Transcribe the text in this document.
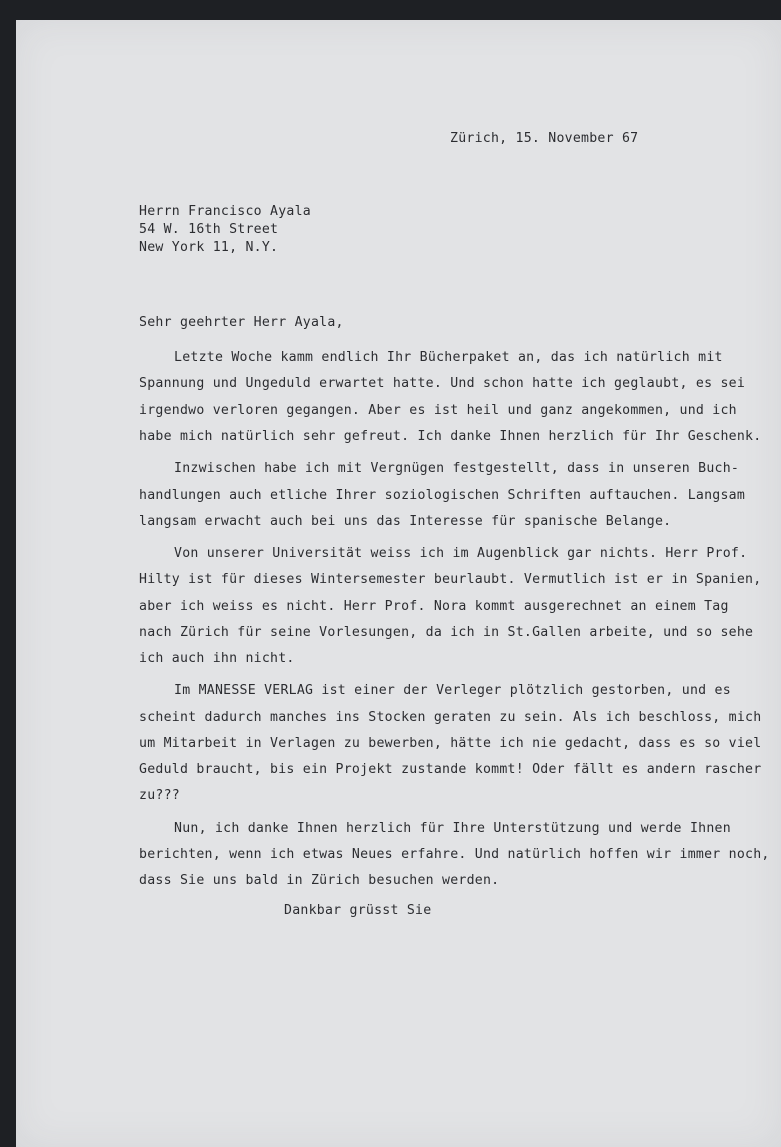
Zürich, 15. November 67
Herrn Francisco Ayala
54 W. 16th Street
New York 11, N.Y.
Sehr geehrter Herr Ayala,
Letzte Woche kamm endlich Ihr Bücherpaket an, das ich natürlich mit
Spannung und Ungeduld erwartet hatte. Und schon hatte ich geglaubt, es sei
irgendwo verloren gegangen. Aber es ist heil und ganz angekommen, und ich
habe mich natürlich sehr gefreut. Ich danke Ihnen herzlich für Ihr Geschenk.
Inzwischen habe ich mit Vergnügen festgestellt, dass in unseren Buch-
handlungen auch etliche Ihrer soziologischen Schriften auftauchen. Langsam
langsam erwacht auch bei uns das Interesse für spanische Belange.
Von unserer Universität weiss ich im Augenblick gar nichts. Herr Prof.
Hilty ist für dieses Wintersemester beurlaubt. Vermutlich ist er in Spanien,
aber ich weiss es nicht. Herr Prof. Nora kommt ausgerechnet an einem Tag
nach Zürich für seine Vorlesungen, da ich in St.Gallen arbeite, und so sehe
ich auch ihn nicht.
Im MANESSE VERLAG ist einer der Verleger plötzlich gestorben, und es
scheint dadurch manches ins Stocken geraten zu sein. Als ich beschloss, mich
um Mitarbeit in Verlagen zu bewerben, hätte ich nie gedacht, dass es so viel
Geduld braucht, bis ein Projekt zustande kommt! Oder fällt es andern rascher
zu???
Nun, ich danke Ihnen herzlich für Ihre Unterstützung und werde Ihnen
berichten, wenn ich etwas Neues erfahre. Und natürlich hoffen wir immer noch,
dass Sie uns bald in Zürich besuchen werden.
Dankbar grüsst Sie
